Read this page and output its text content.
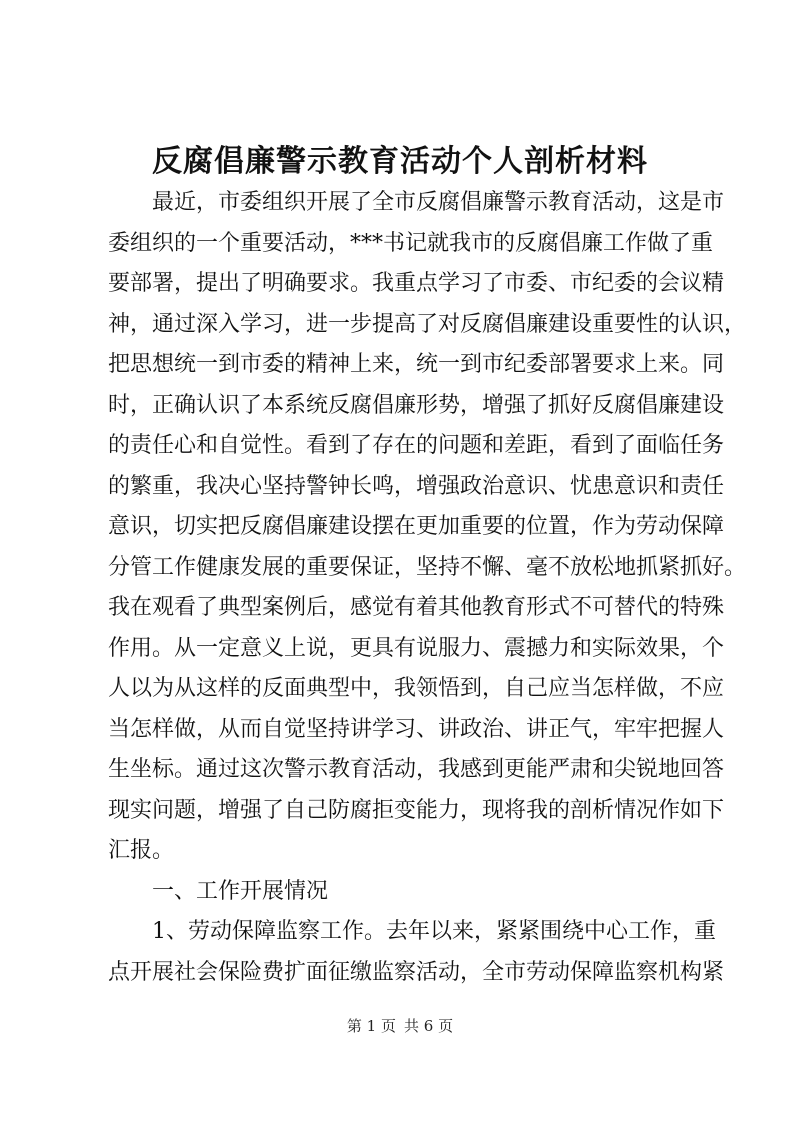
反腐倡廉警示教育活动个人剖析材料
最近，市委组织开展了全市反腐倡廉警示教育活动，这是市
委组织的一个重要活动，***书记就我市的反腐倡廉工作做了重
要部署，提出了明确要求。我重点学习了市委、市纪委的会议精
神，通过深入学习，进一步提高了对反腐倡廉建设重要性的认识，
把思想统一到市委的精神上来，统一到市纪委部署要求上来。同
时，正确认识了本系统反腐倡廉形势，增强了抓好反腐倡廉建设
的责任心和自觉性。看到了存在的问题和差距，看到了面临任务
的繁重，我决心坚持警钟长鸣，增强政治意识、忧患意识和责任
意识，切实把反腐倡廉建设摆在更加重要的位置，作为劳动保障
分管工作健康发展的重要保证，坚持不懈、毫不放松地抓紧抓好。
我在观看了典型案例后，感觉有着其他教育形式不可替代的特殊
作用。从一定意义上说，更具有说服力、震撼力和实际效果，个
人以为从这样的反面典型中，我领悟到，自己应当怎样做，不应
当怎样做，从而自觉坚持讲学习、讲政治、讲正气，牢牢把握人
生坐标。通过这次警示教育活动，我感到更能严肃和尖锐地回答
现实问题，增强了自己防腐拒变能力，现将我的剖析情况作如下
汇报。
一、工作开展情况
1、劳动保障监察工作。去年以来，紧紧围绕中心工作，重
点开展社会保险费扩面征缴监察活动，全市劳动保障监察机构紧
第 1 页 共 6 页
